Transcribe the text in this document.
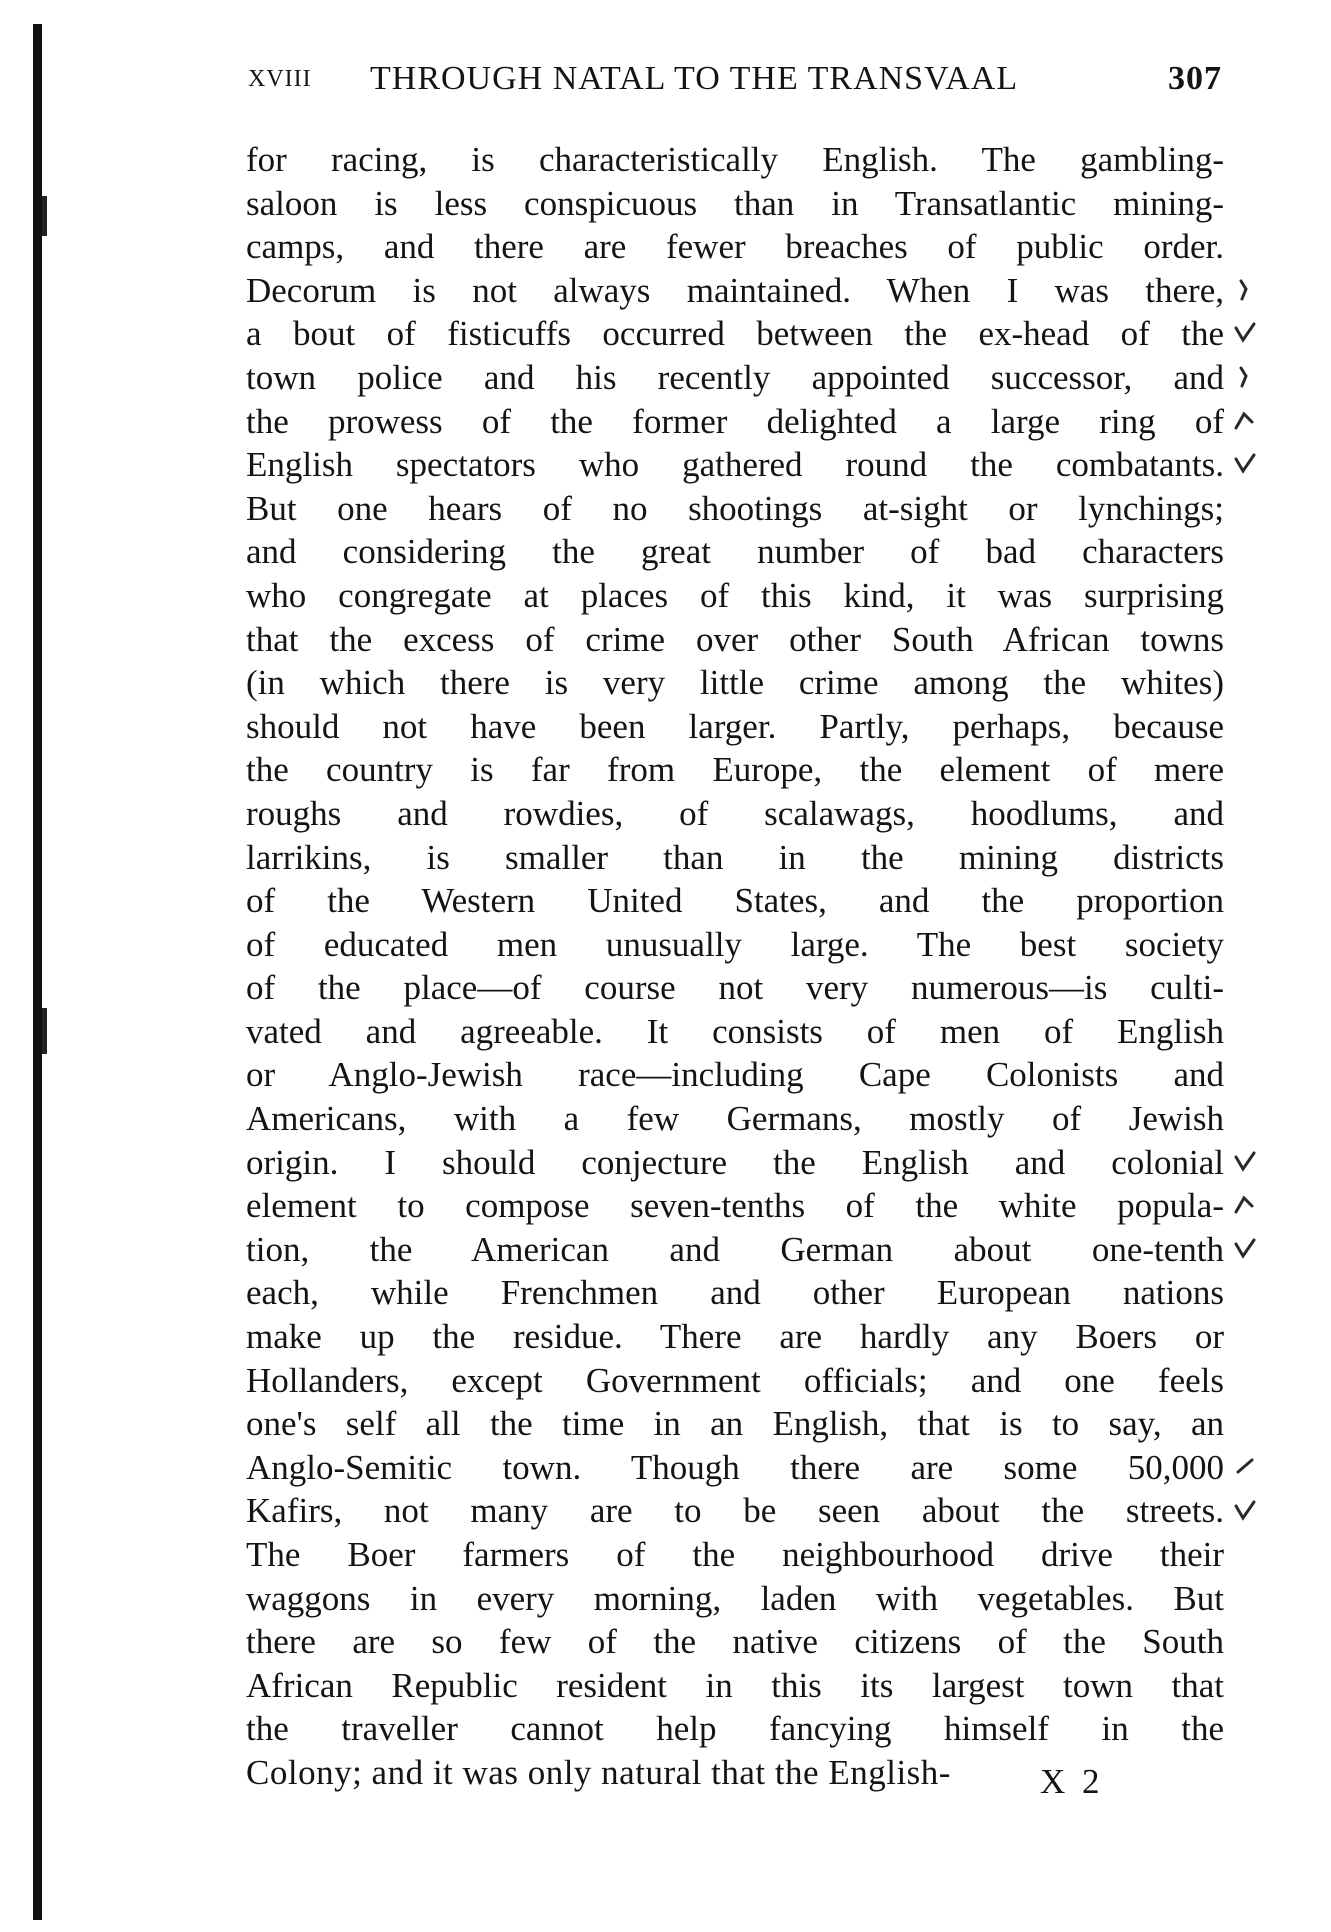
XVIII THROUGH NATAL TO THE TRANSVAAL	307
for racing, is characteristically English. The gambling-
saloon is less conspicuous than in Transatlantic mining-
camps, and there are fewer breaches of public order.
Decorum is not always maintained. When I was there,
a bout of fisticuffs occurred between the ex-head of the
town police and his recently appointed successor, and
the prowess of the former delighted a large ring of
English spectators who gathered round the combatants.
But one hears of no shootings at-sight or lynchings;
and considering the great number of bad characters
who congregate at places of this kind, it was surprising
that the excess of crime over other South African towns
(in which there is very little crime among the whites)
should not have been larger. Partly, perhaps, because
the country is far from Europe, the element of mere
roughs and rowdies, of scalawags, hoodlums, and
larrikins, is smaller than in the mining districts
of the Western United States, and the proportion
of educated men unusually large. The best society
of the place—of course not very numerous—is culti-
vated and agreeable. It consists of men of English
or Anglo-Jewish race—including Cape Colonists and
Americans, with a few Germans, mostly of Jewish
origin. I should conjecture the English and colonial
element to compose seven-tenths of the white popula-
tion, the American and German about one-tenth
each, while Frenchmen and other European nations
make up the residue. There are hardly any Boers or
Hollanders, except Government officials; and one feels
one's self all the time in an English, that is to say, an
Anglo-Semitic town. Though there are some 50,000
Kafirs, not many are to be seen about the streets.
The Boer farmers of the neighbourhood drive their
waggons in every morning, laden with vegetables. But
there are so few of the native citizens of the South
African Republic resident in this its largest town that
the traveller cannot help fancying himself in the
Colony; and it was only natural that the English-	X 2
